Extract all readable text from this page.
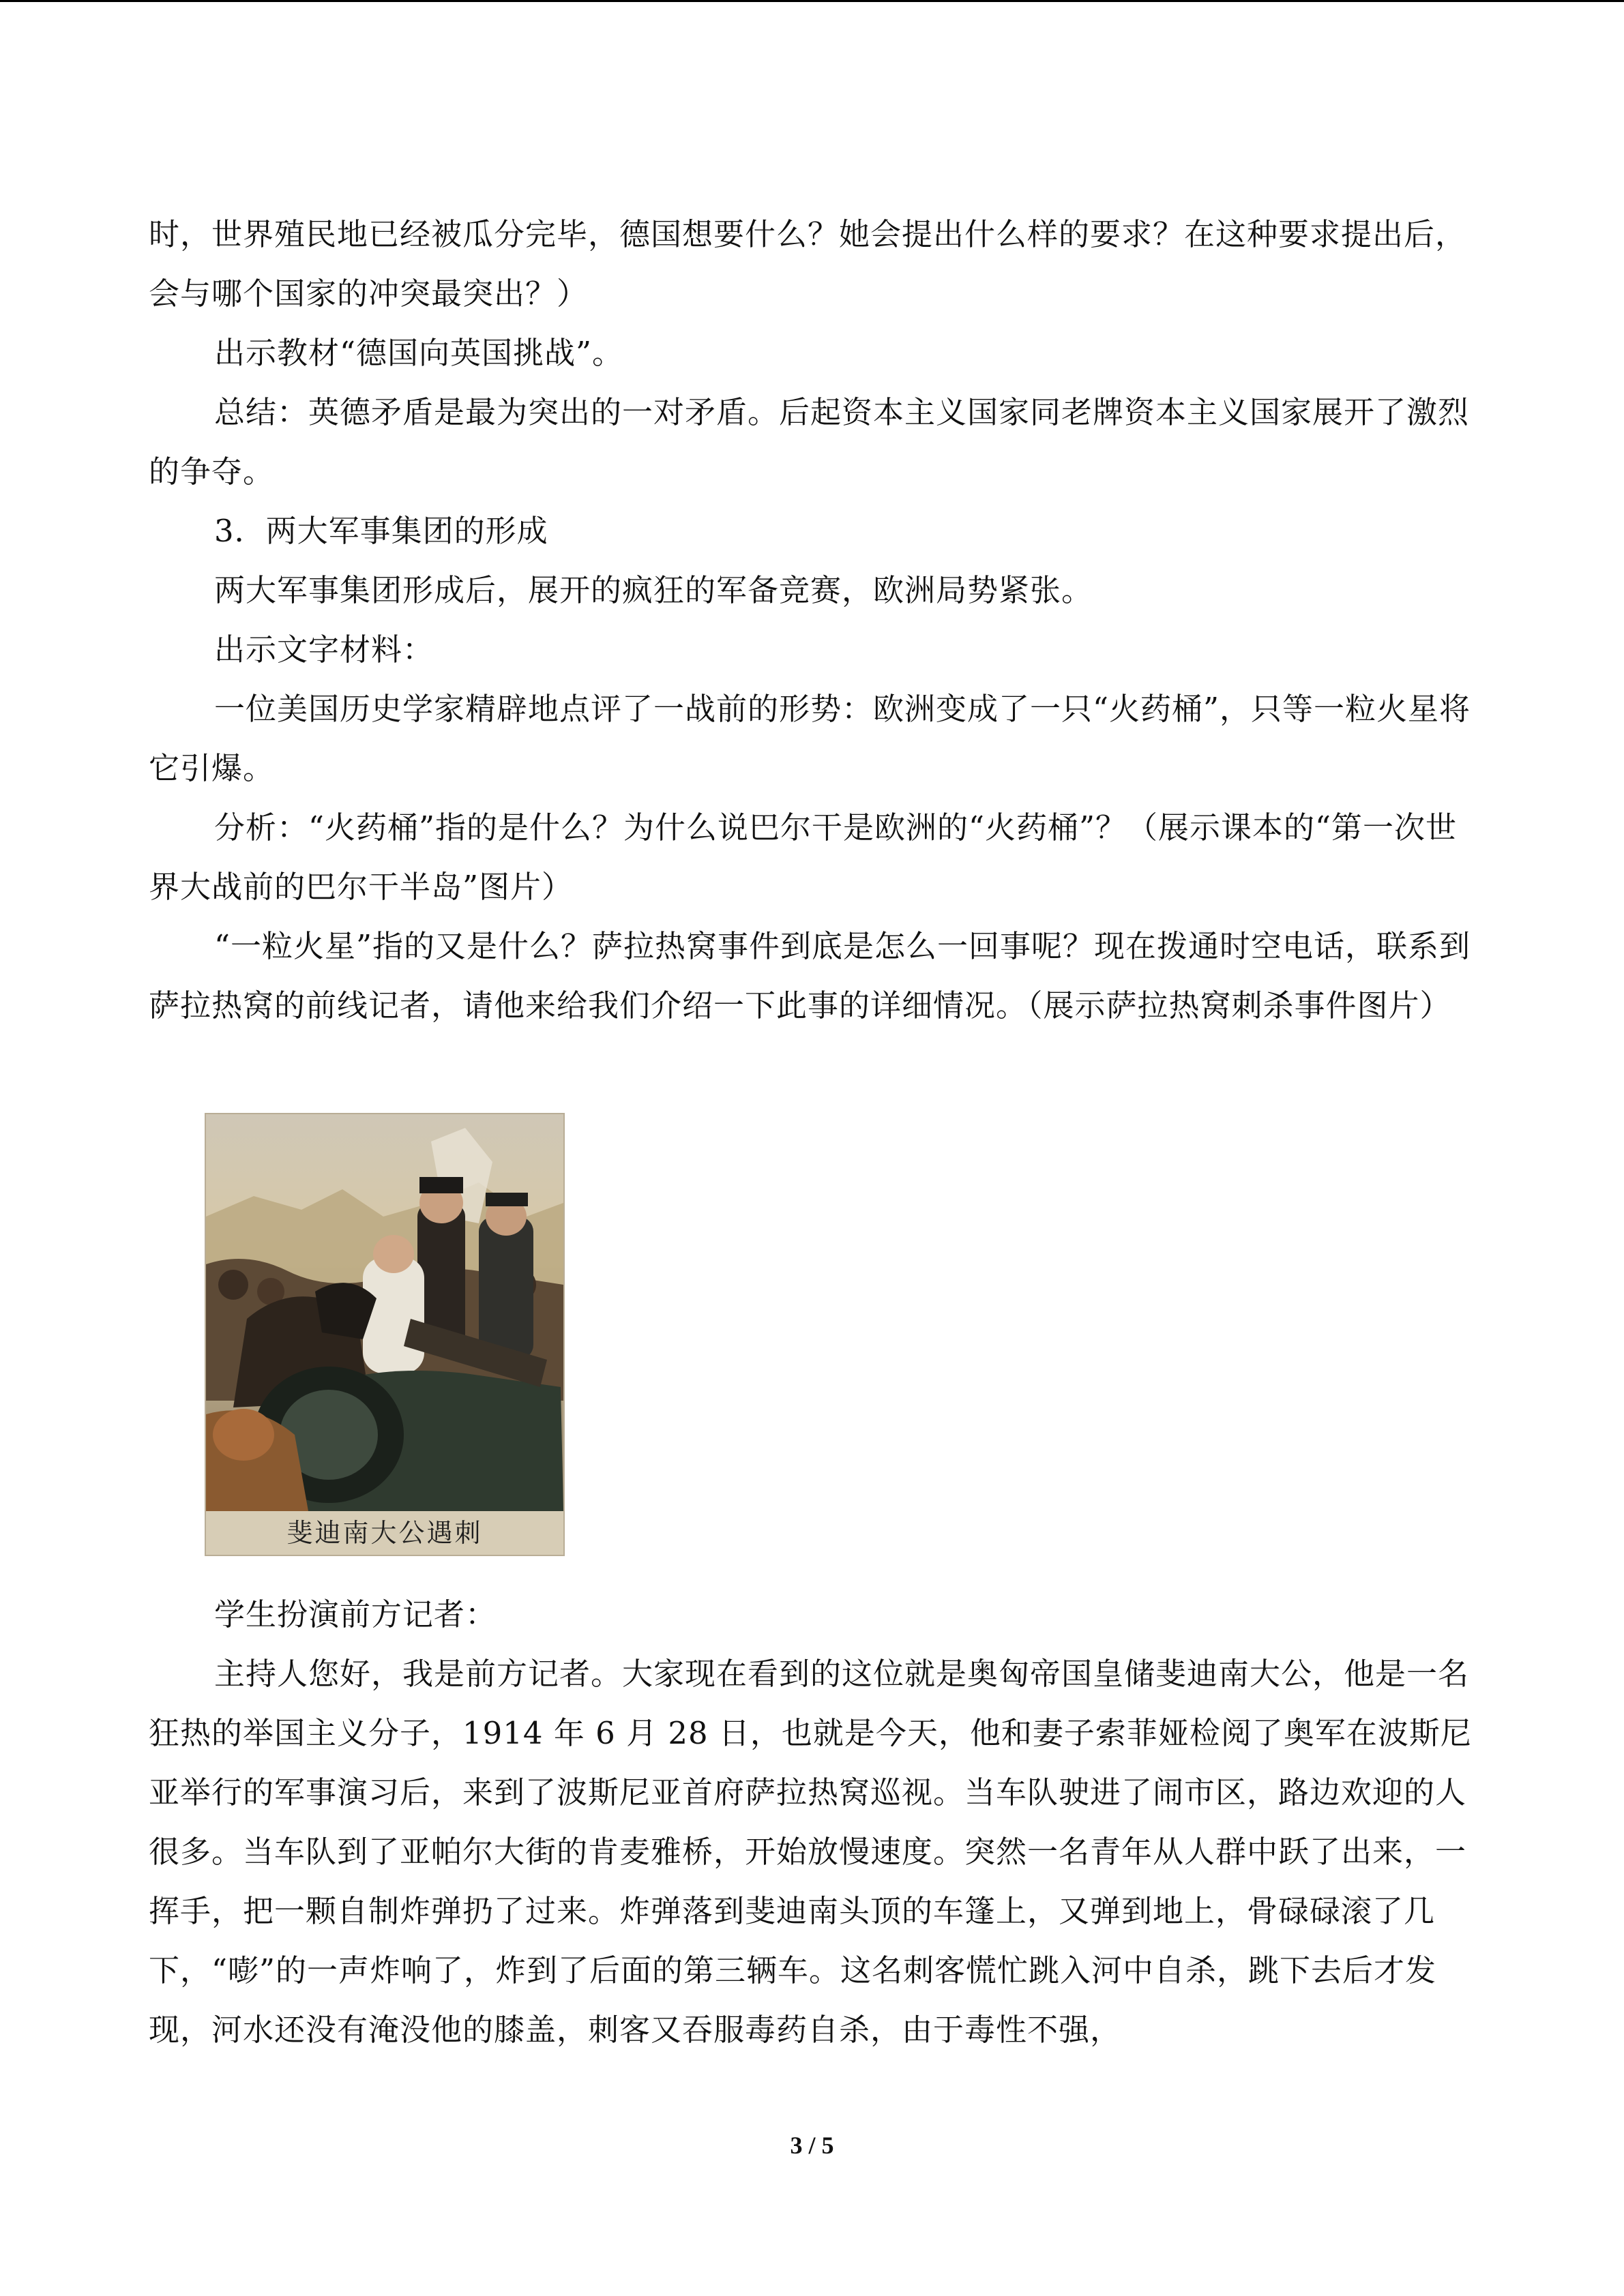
时，世界殖民地已经被瓜分完毕，德国想要什么？她会提出什么样的要求？在这种要求提出后，会与哪个国家的冲突最突出？）

出示教材“德国向英国挑战”。

总结：英德矛盾是最为突出的一对矛盾。后起资本主义国家同老牌资本主义国家展开了激烈的争夺。

3．两大军事集团的形成

两大军事集团形成后，展开的疯狂的军备竞赛，欧洲局势紧张。

出示文字材料：

一位美国历史学家精辟地点评了一战前的形势：欧洲变成了一只“火药桶”，只等一粒火星将它引爆。

分析：“火药桶”指的是什么？为什么说巴尔干是欧洲的“火药桶”？（展示课本的“第一次世界大战前的巴尔干半岛”图片）

“一粒火星”指的又是什么？萨拉热窝事件到底是怎么一回事呢？现在拨通时空电话，联系到萨拉热窝的前线记者，请他来给我们介绍一下此事的详细情况。（展示萨拉热窝刺杀事件图片）

斐迪南大公遇刺

学生扮演前方记者：

主持人您好，我是前方记者。大家现在看到的这位就是奥匈帝国皇储斐迪南大公，他是一名狂热的举国主义分子，1914 年 6 月 28 日，也就是今天，他和妻子索菲娅检阅了奥军在波斯尼亚举行的军事演习后，来到了波斯尼亚首府萨拉热窝巡视。当车队驶进了闹市区，路边欢迎的人很多。当车队到了亚帕尔大街的肯麦雅桥，开始放慢速度。突然一名青年从人群中跃了出来，一挥手，把一颗自制炸弹扔了过来。炸弹落到斐迪南头顶的车篷上，又弹到地上，骨碌碌滚了几下，“嘭”的一声炸响了，炸到了后面的第三辆车。这名刺客慌忙跳入河中自杀，跳下去后才发现，河水还没有淹没他的膝盖，刺客又吞服毒药自杀，由于毒性不强，

3 / 5
